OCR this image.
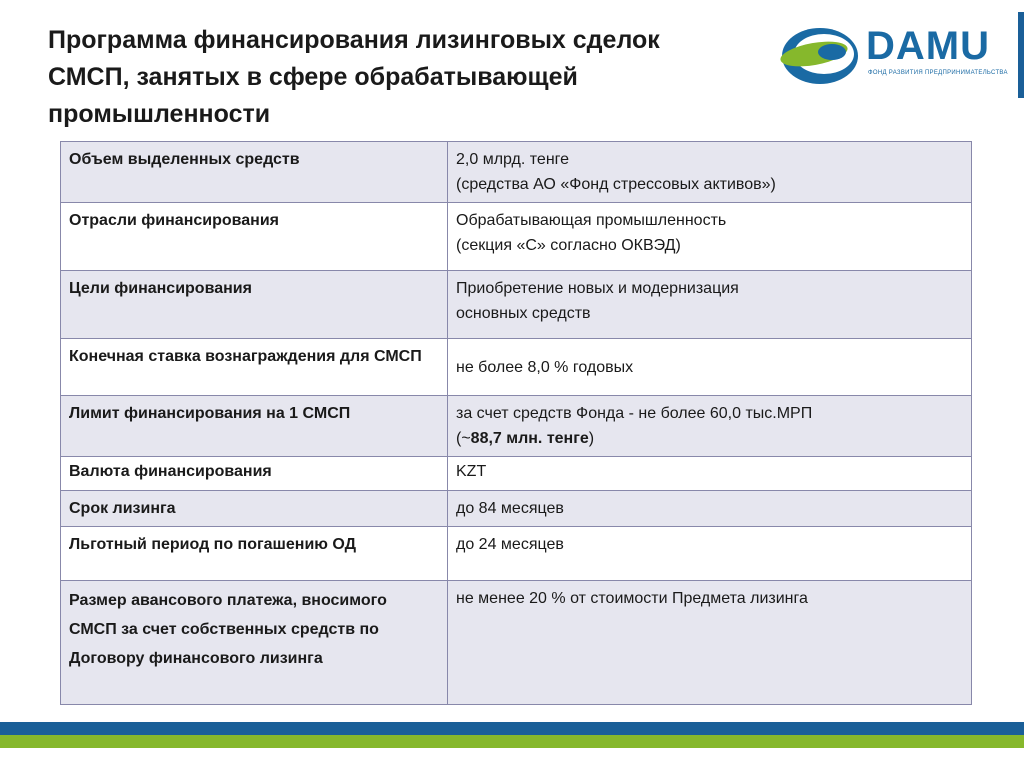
Программа финансирования лизинговых сделок
СМСП, занятых в сфере обрабатывающей
промышленности
DAMU
ФОНД РАЗВИТИЯ ПРЕДПРИНИМАТЕЛЬСТВА
Объем выделенных средств	2,0 млрд. тенге
(средства АО «Фонд стрессовых активов»)
Отрасли финансирования	Обрабатывающая промышленность
(секция «С» согласно ОКВЭД)
Цели финансирования	Приобретение новых и модернизация
основных средств
Конечная ставка вознаграждения для СМСП	не более 8,0 % годовых
Лимит финансирования на 1 СМСП	за счет средств Фонда - не более 60,0 тыс.МРП
(~88,7 млн. тенге)
Валюта финансирования	KZT
Срок лизинга	до 84 месяцев
Льготный период по погашению ОД	до 24 месяцев
Размер авансового платежа, вносимого СМСП за счет собственных средств по Договору финансового лизинга	не менее 20 % от стоимости Предмета лизинга
